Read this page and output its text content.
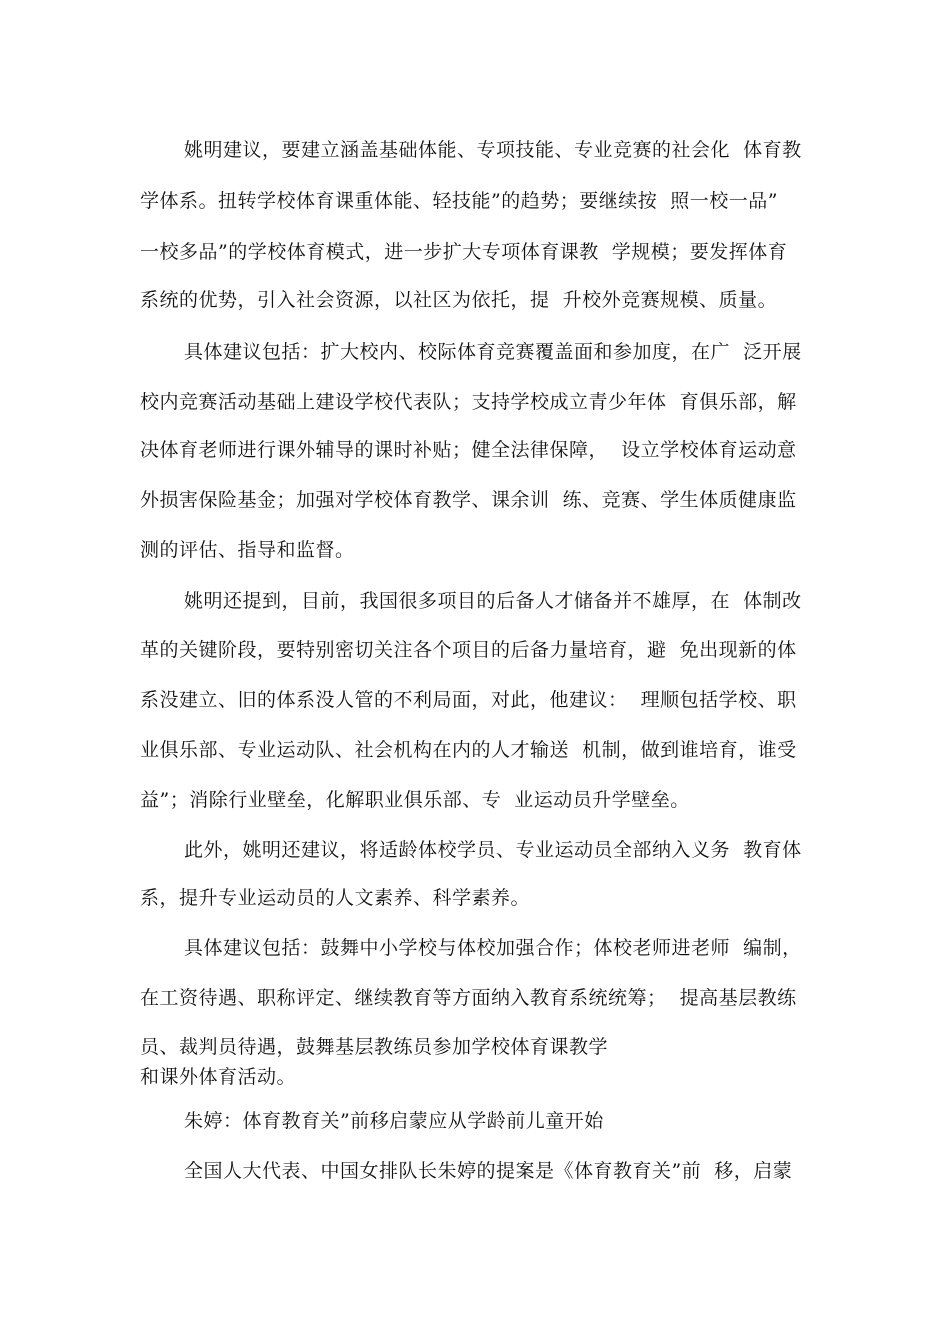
姚明建议，要建立涵盖基础体能、专项技能、专业竞赛的社会化  体育教
学体系。扭转学校体育课重体能、轻技能”的趋势；要继续按  照一校一品”
一校多品”的学校体育模式，进一步扩大专项体育课教  学规模；要发挥体育
系统的优势，引入社会资源，以社区为依托，提  升校外竞赛规模、质量。
具体建议包括：扩大校内、校际体育竞赛覆盖面和参加度，在广  泛开展
校内竞赛活动基础上建设学校代表队；支持学校成立青少年体  育俱乐部，解
决体育老师进行课外辅导的课时补贴；健全法律保障，  设立学校体育运动意
外损害保险基金；加强对学校体育教学、课余训  练、竞赛、学生体质健康监
测的评估、指导和监督。
姚明还提到，目前，我国很多项目的后备人才储备并不雄厚，在  体制改
革的关键阶段，要特别密切关注各个项目的后备力量培育，避  免出现新的体
系没建立、旧的体系没人管的不利局面，对此，他建议：  理顺包括学校、职
业俱乐部、专业运动队、社会机构在内的人才输送  机制，做到谁培育，谁受
益”；消除行业壁垒，化解职业俱乐部、专  业运动员升学壁垒。
此外，姚明还建议，将适龄体校学员、专业运动员全部纳入义务  教育体
系，提升专业运动员的人文素养、科学素养。
具体建议包括：鼓舞中小学校与体校加强合作；体校老师进老师  编制，
在工资待遇、职称评定、继续教育等方面纳入教育系统统筹；  提高基层教练
员、裁判员待遇，鼓舞基层教练员参加学校体育课教学
和课外体育活动。
朱婷：体育教育关”前移启蒙应从学龄前儿童开始
全国人大代表、中国女排队长朱婷的提案是《体育教育关”前  移，启蒙
